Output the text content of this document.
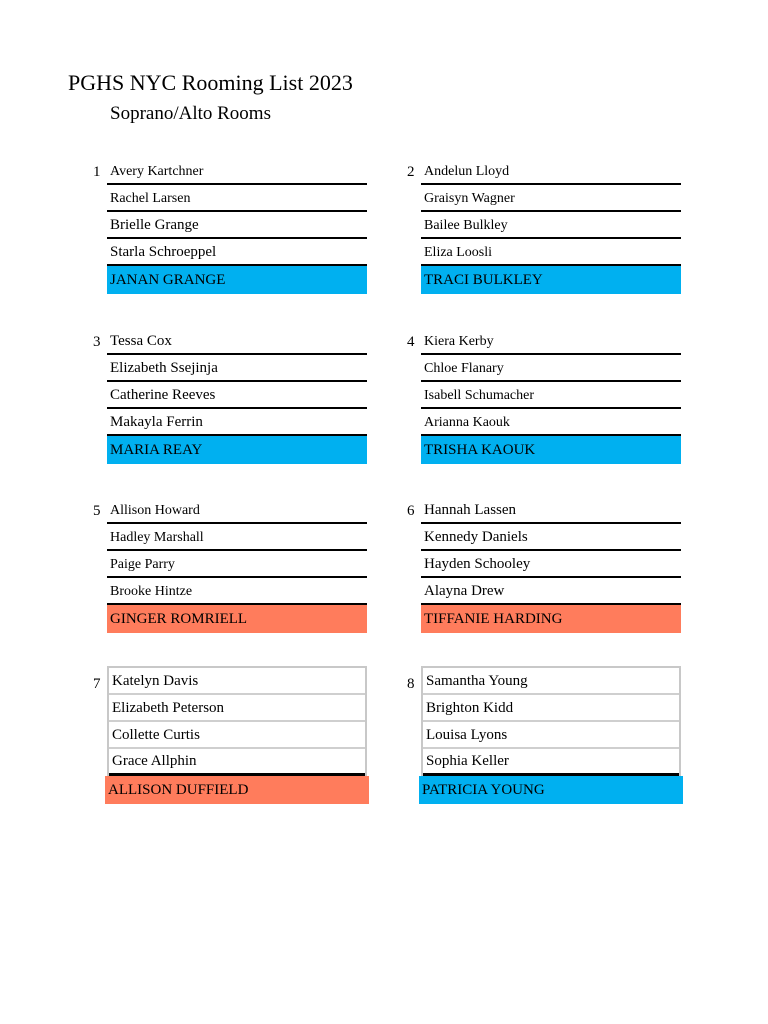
PGHS NYC Rooming List 2023
Soprano/Alto Rooms
1 Avery Kartchner
Rachel Larsen
Brielle Grange
Starla Schroeppel
JANAN GRANGE
2 Andelun Lloyd
Graisyn Wagner
Bailee Bulkley
Eliza Loosli
TRACI BULKLEY
3 Tessa Cox
Elizabeth Ssejinja
Catherine Reeves
Makayla Ferrin
MARIA REAY
4 Kiera Kerby
Chloe Flanary
Isabell Schumacher
Arianna Kaouk
TRISHA KAOUK
5 Allison Howard
Hadley Marshall
Paige Parry
Brooke Hintze
GINGER ROMRIELL
6 Hannah Lassen
Kennedy Daniels
Hayden Schooley
Alayna Drew
TIFFANIE HARDING
7 Katelyn Davis
Elizabeth Peterson
Collette Curtis
Grace Allphin
ALLISON DUFFIELD
8 Samantha Young
Brighton Kidd
Louisa Lyons
Sophia Keller
PATRICIA YOUNG
